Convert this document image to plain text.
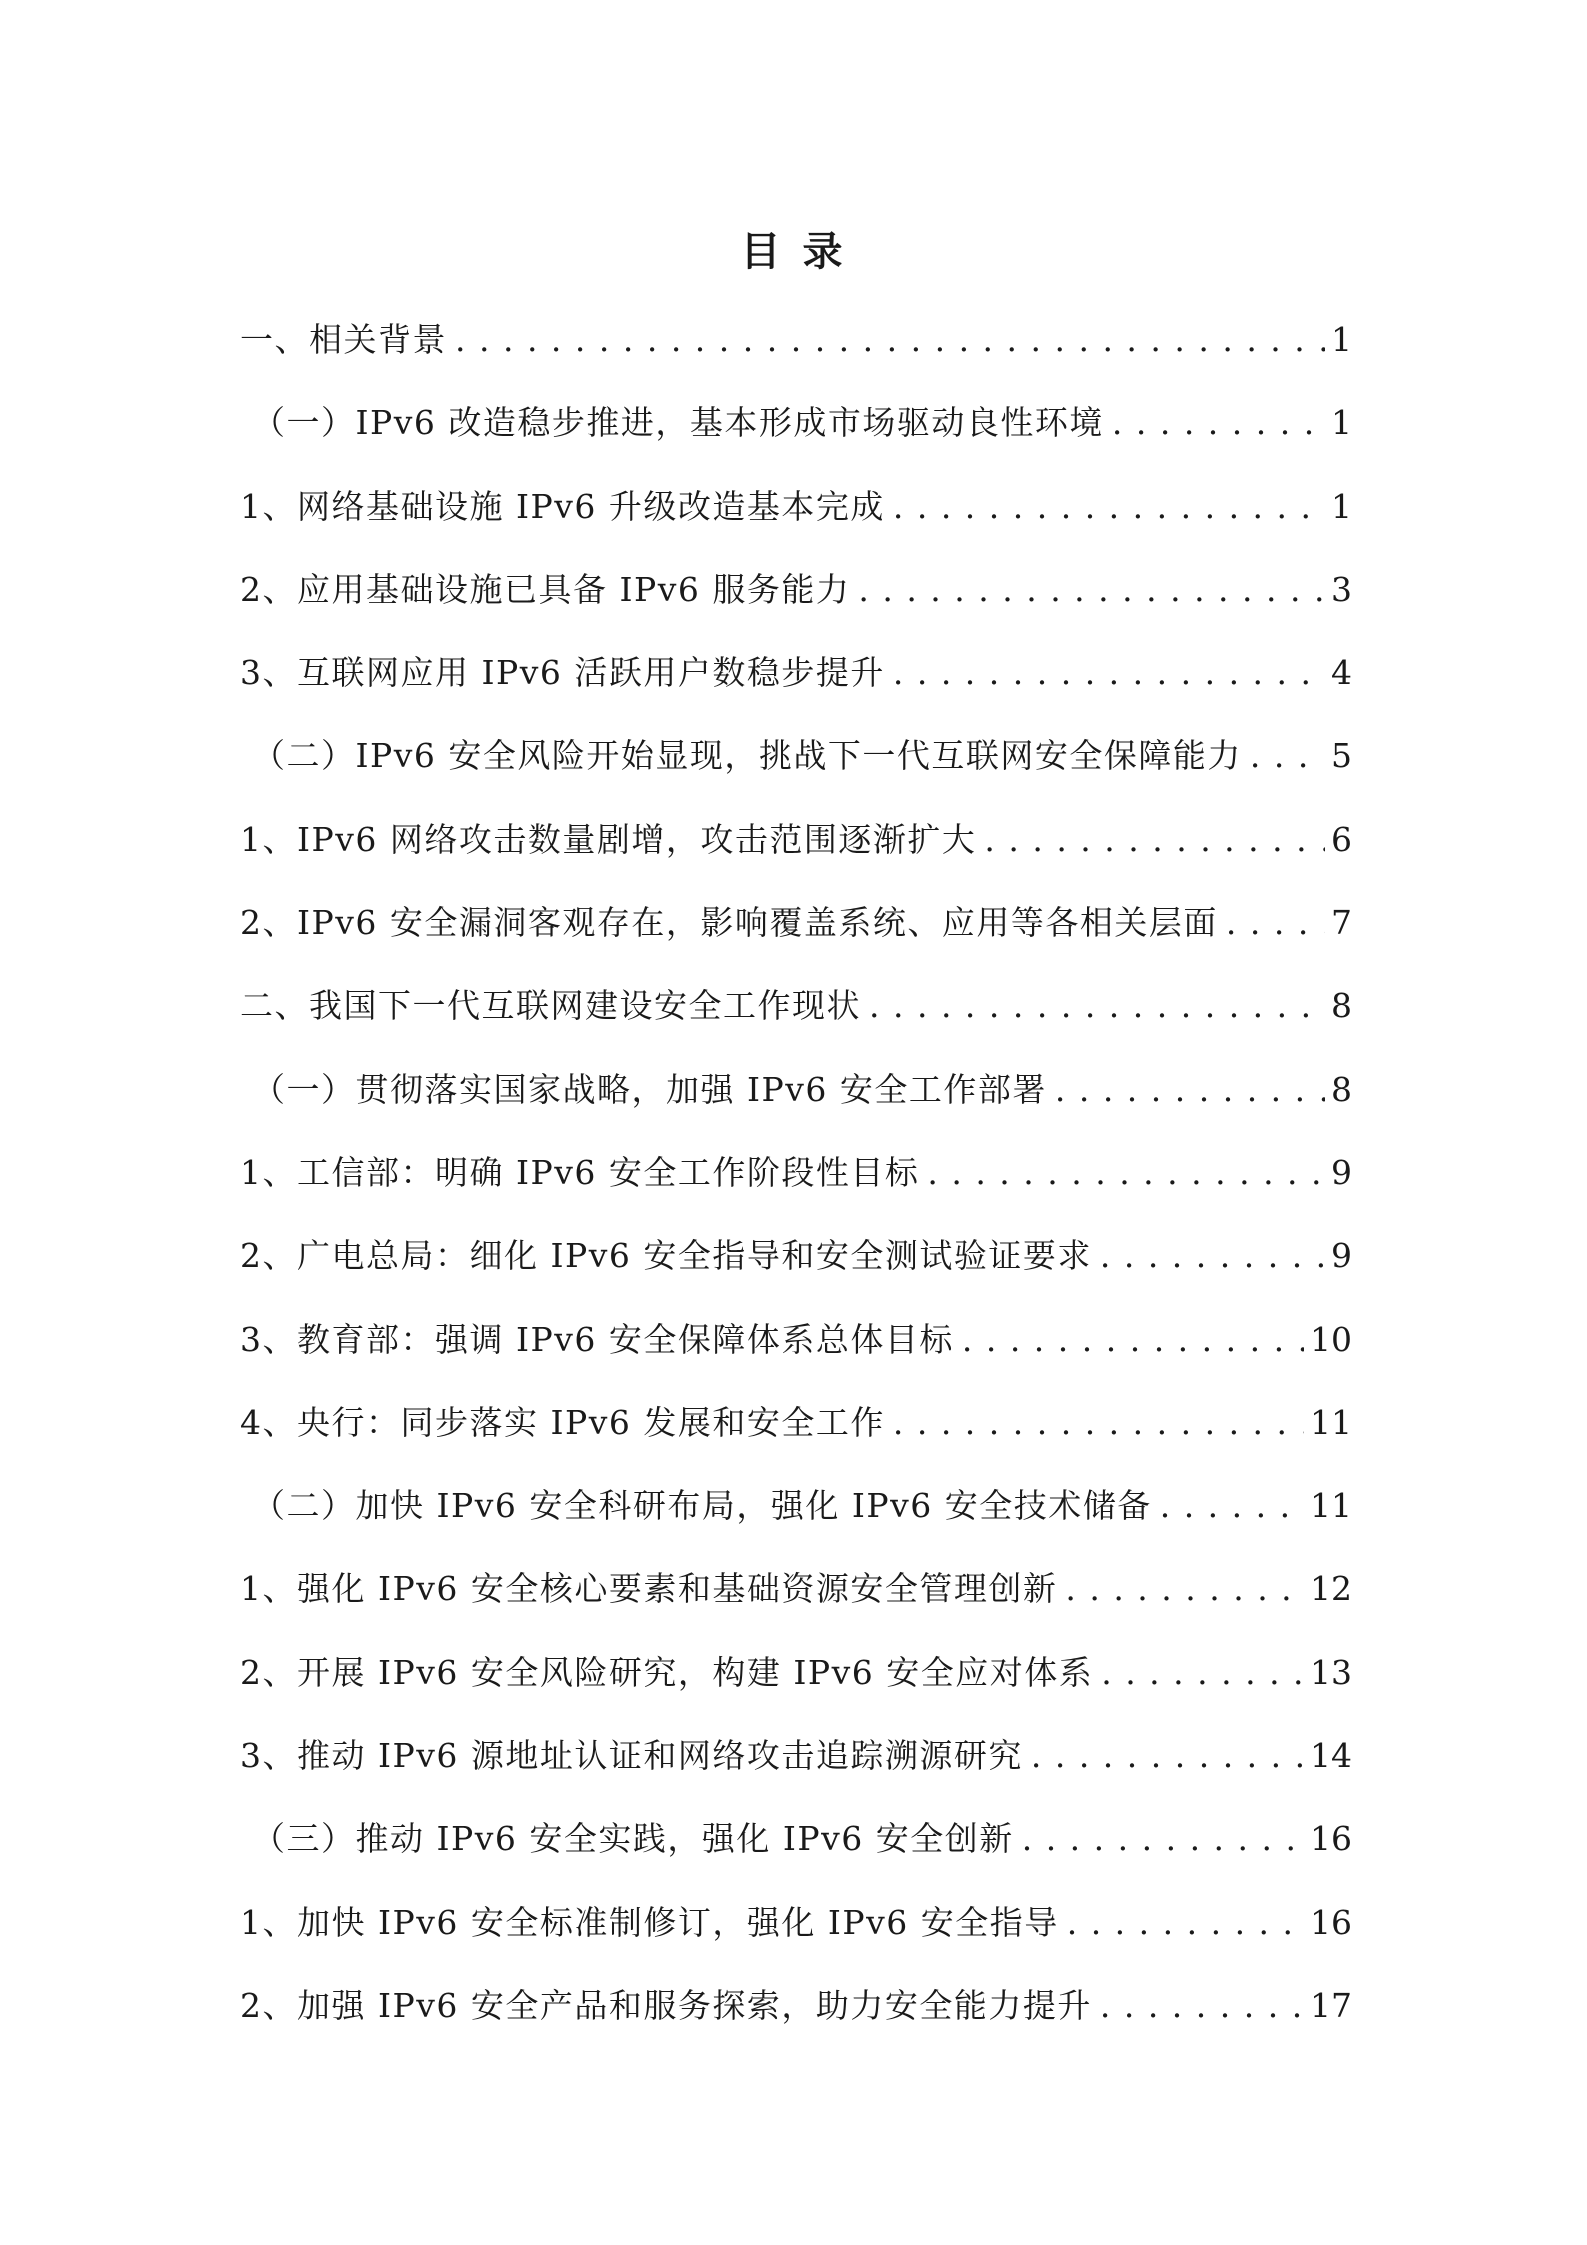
目 录
一、相关背景 . . .	1
（一）IPv6 改造稳步推进，基本形成市场驱动良性环境 . . .	1
1、网络基础设施 IPv6 升级改造基本完成 . . .	1
2、应用基础设施已具备 IPv6 服务能力 . . .	3
3、互联网应用 IPv6 活跃用户数稳步提升 . . .	4
（二）IPv6 安全风险开始显现，挑战下一代互联网安全保障能力 . . .	5
1、IPv6 网络攻击数量剧增，攻击范围逐渐扩大 . . .	6
2、IPv6 安全漏洞客观存在，影响覆盖系统、应用等各相关层面 . . .	7
二、我国下一代互联网建设安全工作现状 . . .	8
（一）贯彻落实国家战略，加强 IPv6 安全工作部署 . . .	8
1、工信部：明确 IPv6 安全工作阶段性目标 . . .	9
2、广电总局：细化 IPv6 安全指导和安全测试验证要求 . . .	9
3、教育部：强调 IPv6 安全保障体系总体目标 . . .	10
4、央行：同步落实 IPv6 发展和安全工作 . . .	11
（二）加快 IPv6 安全科研布局，强化 IPv6 安全技术储备 . . .	11
1、强化 IPv6 安全核心要素和基础资源安全管理创新 . . .	12
2、开展 IPv6 安全风险研究，构建 IPv6 安全应对体系 . . .	13
3、推动 IPv6 源地址认证和网络攻击追踪溯源研究 . . .	14
（三）推动 IPv6 安全实践，强化 IPv6 安全创新 . . .	16
1、加快 IPv6 安全标准制修订，强化 IPv6 安全指导 . . .	16
2、加强 IPv6 安全产品和服务探索，助力安全能力提升 . . .	17
